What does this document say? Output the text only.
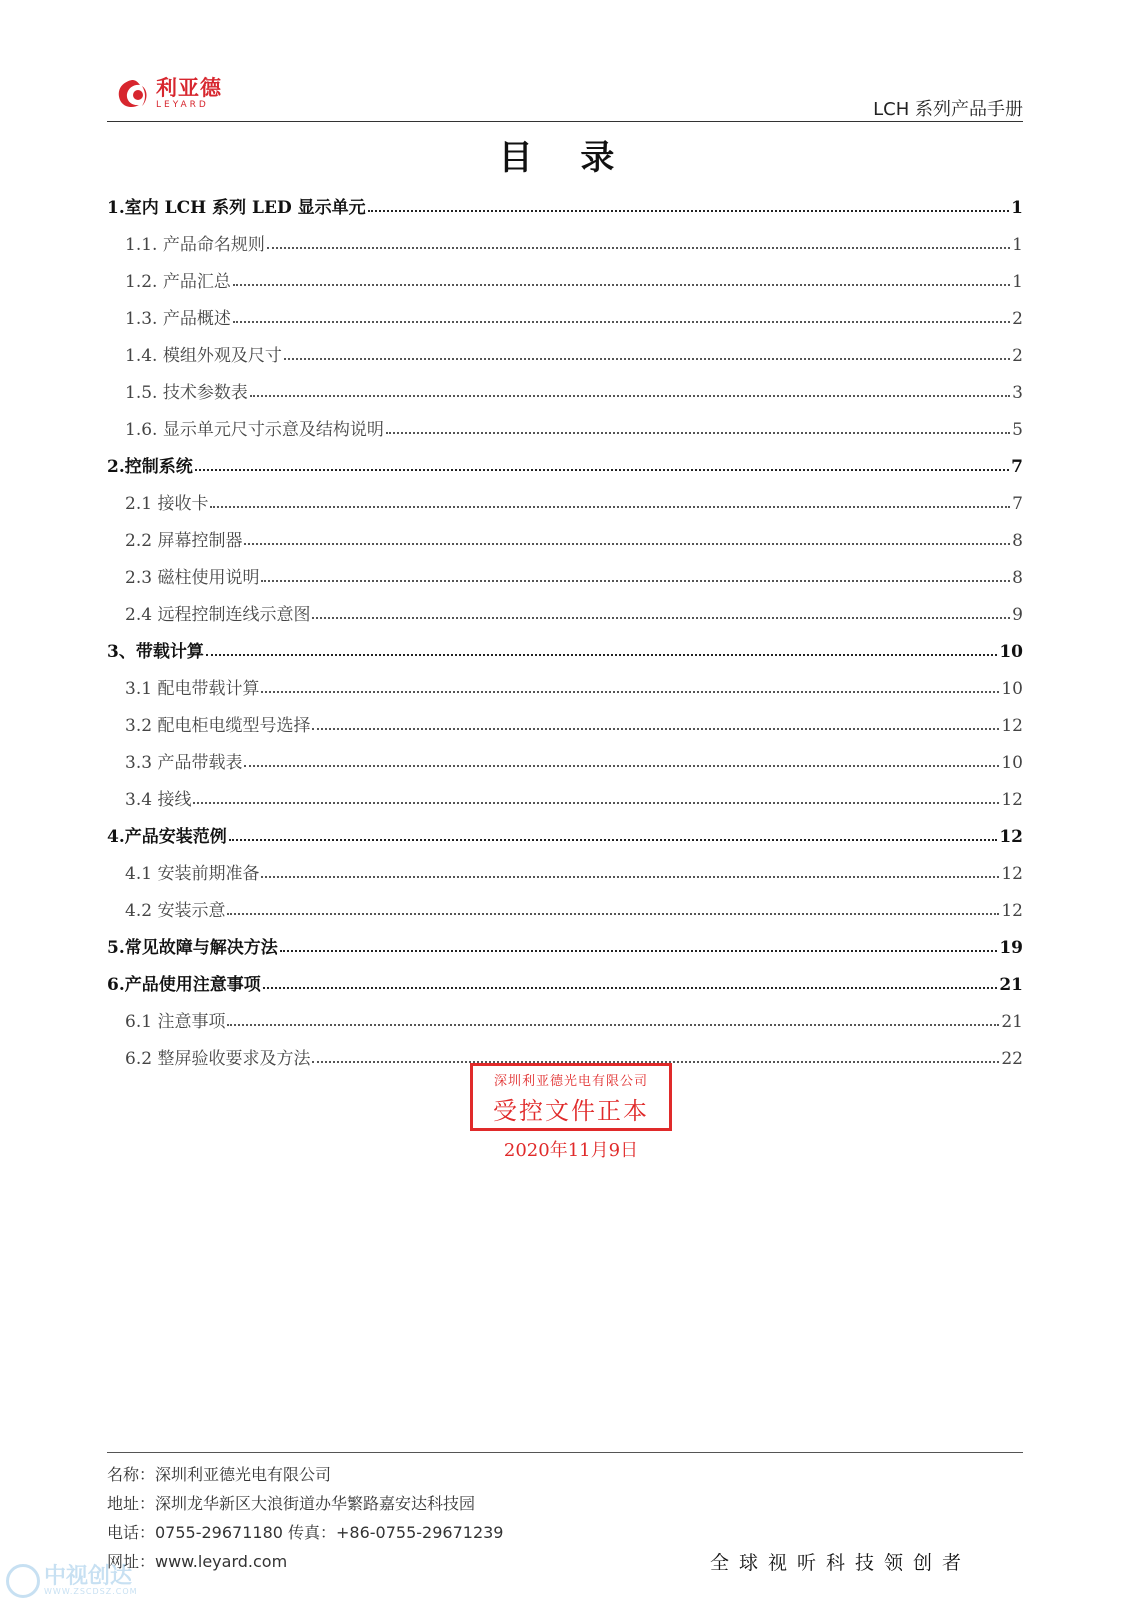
利亚德
LEYARD	LCH 系列产品手册
目 录
1.室内 LCH 系列 LED 显示单元	1
1.1. 产品命名规则	1
1.2. 产品汇总	1
1.3. 产品概述	2
1.4. 模组外观及尺寸	2
1.5. 技术参数表	3
1.6. 显示单元尺寸示意及结构说明	5
2.控制系统	7
2.1 接收卡	7
2.2 屏幕控制器	8
2.3 磁柱使用说明	8
2.4 远程控制连线示意图	9
3、带载计算	10
3.1 配电带载计算	10
3.2 配电柜电缆型号选择	12
3.3 产品带载表	10
3.4 接线	12
4.产品安装范例	12
4.1 安装前期准备	12
4.2 安装示意	12
5.常见故障与解决方法	19
6.产品使用注意事项	21
6.1 注意事项	21
6.2 整屏验收要求及方法	22
深圳利亚德光电有限公司
受控文件正本
2020年11月9日
名称：深圳利亚德光电有限公司
地址：深圳龙华新区大浪街道办华繁路嘉安达科技园
电话：0755-29671180 传真：+86-0755-29671239
网址：www.leyard.com	全球视听科技领创者
中视创达
WWW.ZSCDSZ.COM
